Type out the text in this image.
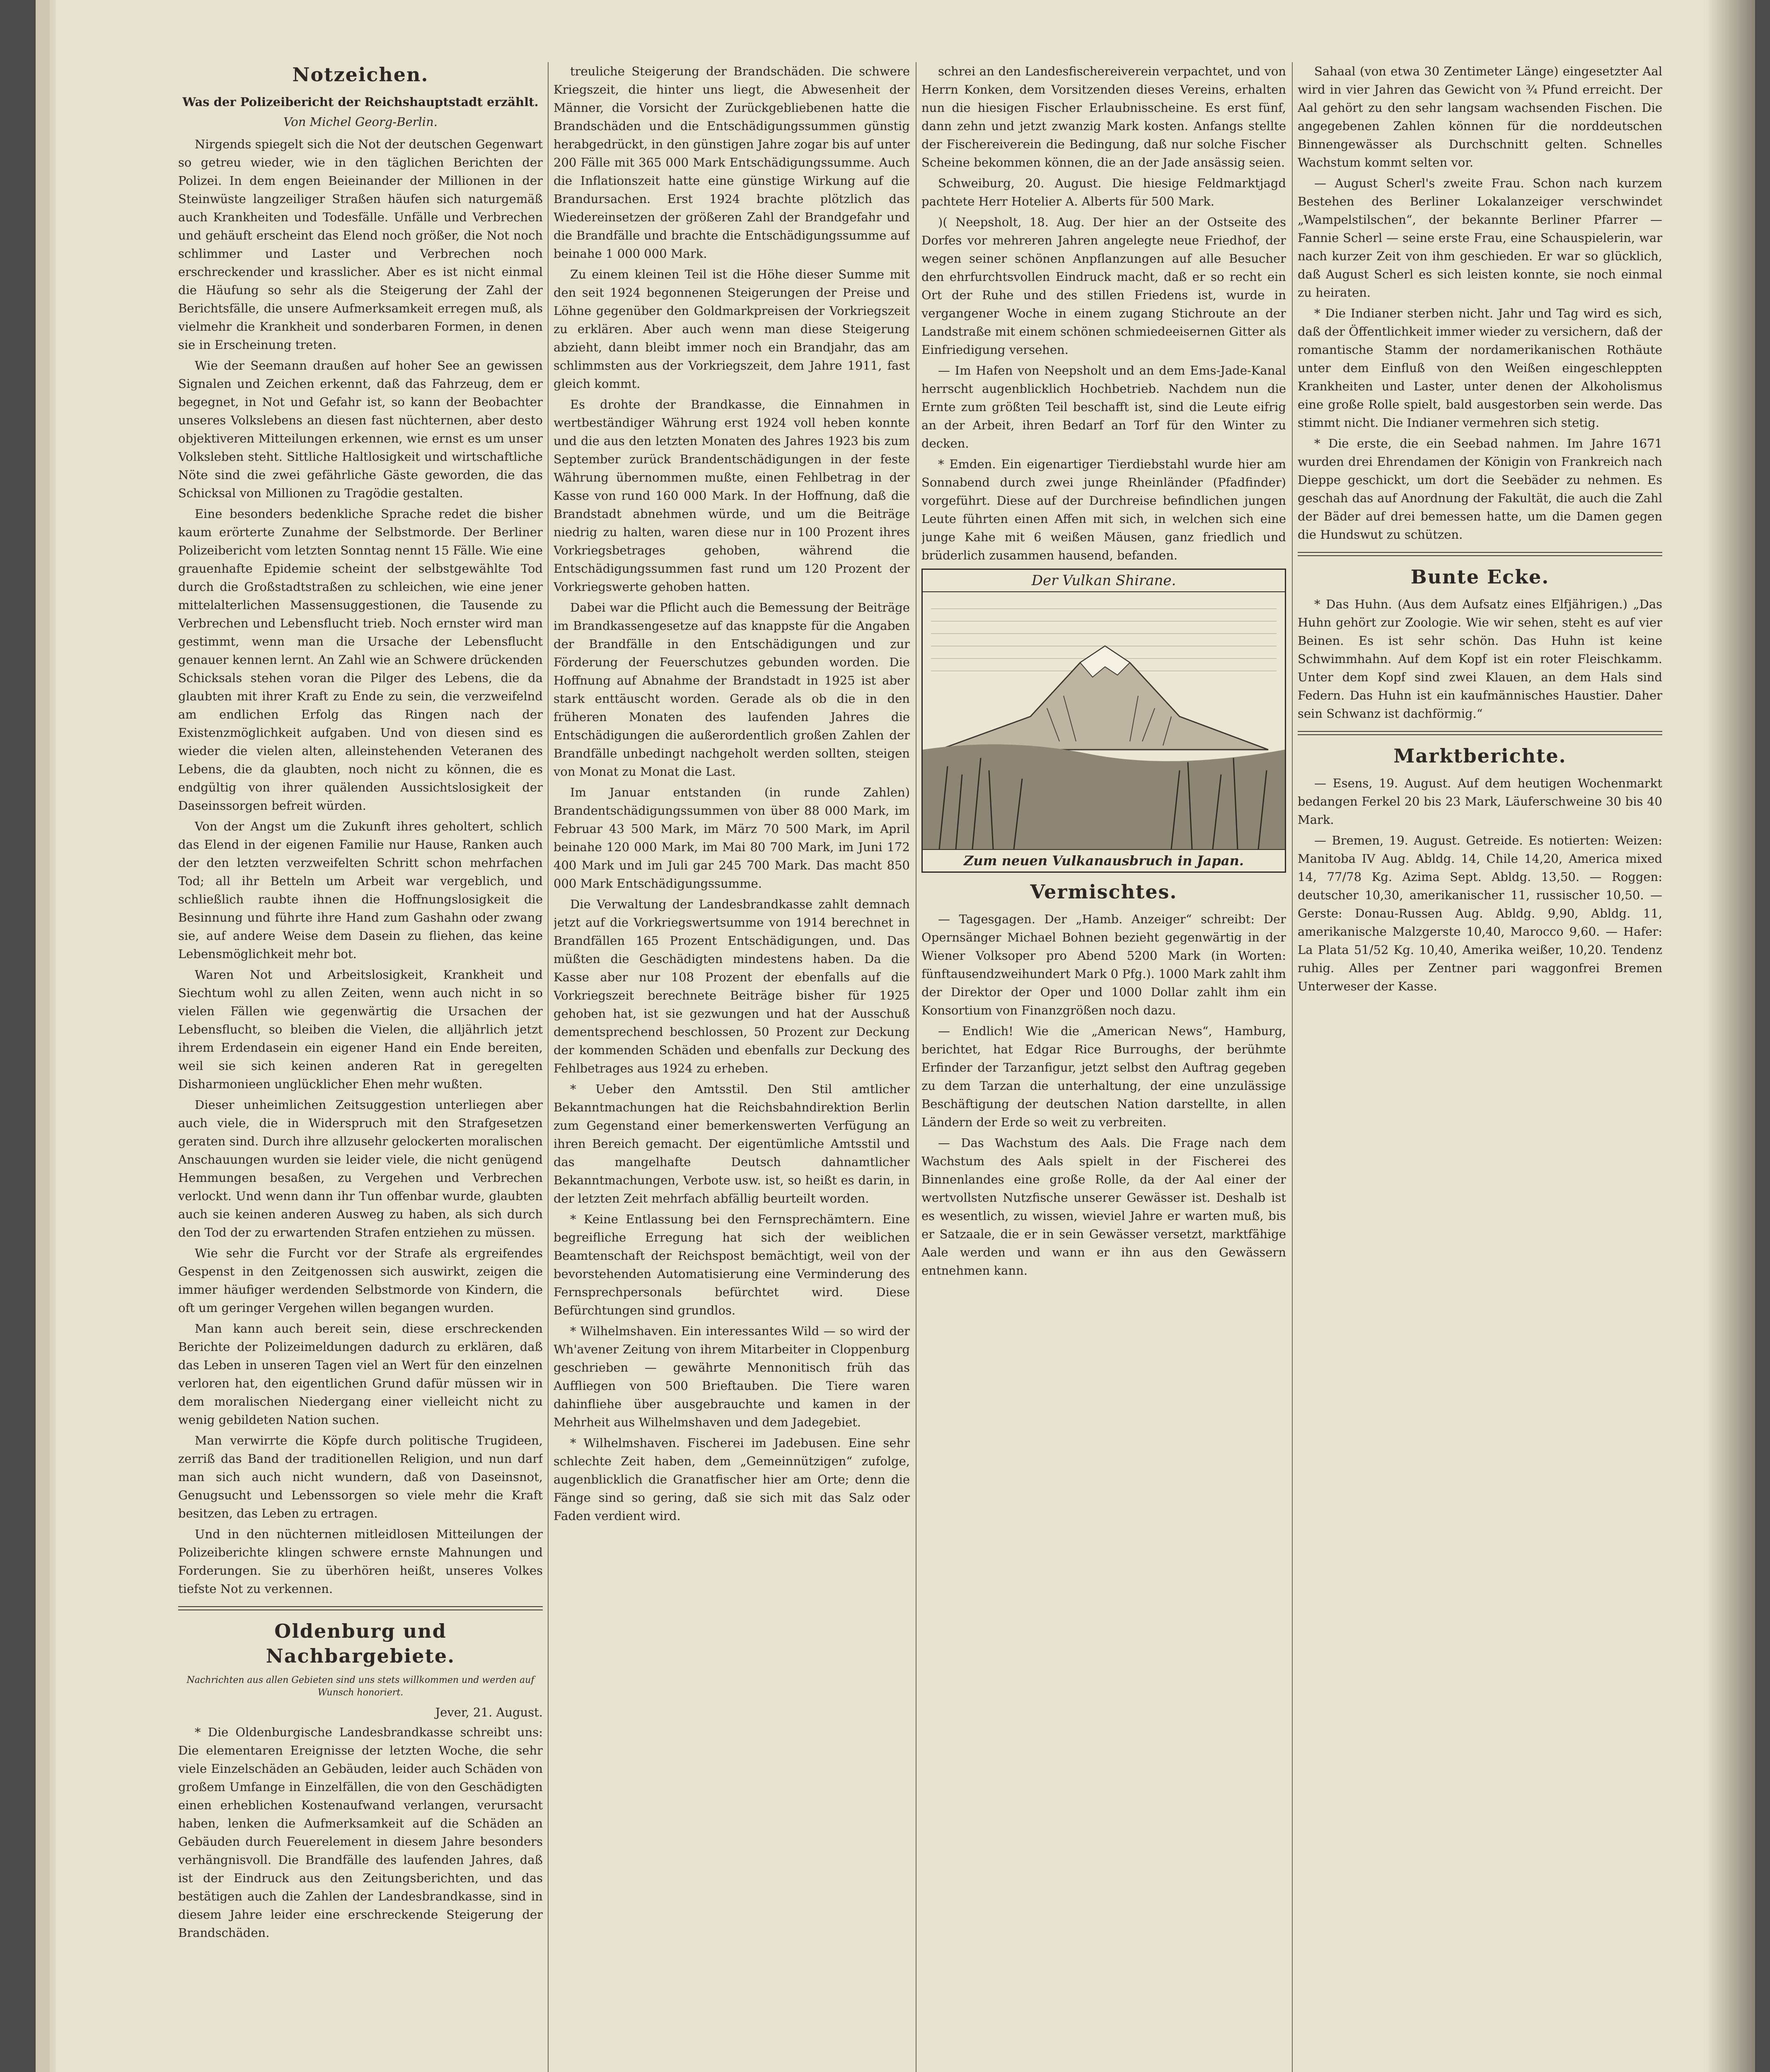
Notzeichen.
Was der Polizeibericht der Reichshauptstadt erzählt.
Von Michel Georg-Berlin.

Nirgends spiegelt sich die Not der deutschen Gegenwart so getreu wieder, wie in den täglichen Berichten der Polizei. In dem engen Beieinander der Millionen in der Steinwüste langzeiliger Straßen häufen sich naturgemäß auch Krankheiten und Todesfälle. Unfälle und Verbrechen und gehäuft erscheint das Elend noch größer, die Not noch schlimmer und Laster und Verbrechen noch erschreckender und krasslicher. Aber es ist nicht einmal die Häufung so sehr als die Steigerung der Zahl der Berichtsfälle, die unsere Aufmerksamkeit erregen muß, als vielmehr die Krankheit und sonderbaren Formen, in denen sie in Erscheinung treten.

Wie der Seemann draußen auf hoher See an gewissen Signalen und Zeichen erkennt, daß das Fahrzeug, dem er begegnet, in Not und Gefahr ist, so kann der Beobachter unseres Volkslebens an diesen fast nüchternen, aber desto objektiveren Mitteilungen erkennen, wie ernst es um unser Volksleben steht. Sittliche Haltlosigkeit und wirtschaftliche Nöte sind die zwei gefährliche Gäste geworden, die das Schicksal von Millionen zu Tragödie gestalten.

Eine besonders bedenkliche Sprache redet die bisher kaum erörterte Zunahme der Selbstmorde. Der Berliner Polizeibericht vom letzten Sonntag nennt 15 Fälle. Wie eine grauenhafte Epidemie scheint der selbstgewählte Tod durch die Großstadtstraßen zu schleichen, wie eine jener mittelalterlichen Massensuggestionen, die Tausende zu Verbrechen und Lebensflucht trieb. Noch ernster wird man gestimmt, wenn man die Ursache der Lebensflucht genauer kennen lernt. An Zahl wie an Schwere drückenden Schicksals stehen voran die Pilger des Lebens, die da glaubten mit ihrer Kraft zu Ende zu sein, die verzweifelnd am endlichen Erfolg das Ringen nach der Existenzmöglichkeit aufgaben. Und von diesen sind es wieder die vielen alten, alleinstehenden Veteranen des Lebens, die da glaubten, noch nicht zu können, die es endgültig von ihrer quälenden Aussichtslosigkeit der Daseinssorgen befreit würden.

Von der Angst um die Zukunft ihres geholtert, schlich das Elend in der eigenen Familie nur Hause, Ranken auch der den letzten verzweifelten Schritt schon mehrfachen Tod; all ihr Betteln um Arbeit war vergeblich, und schließlich raubte ihnen die Hoffnungslosigkeit die Besinnung und führte ihre Hand zum Gashahn oder zwang sie, auf andere Weise dem Dasein zu fliehen, das keine Lebensmöglichkeit mehr bot.

Waren Not und Arbeitslosigkeit, Krankheit und Siechtum wohl zu allen Zeiten, wenn auch nicht in so vielen Fällen wie gegenwärtig die Ursachen der Lebensflucht, so bleiben die Vielen, die alljährlich jetzt ihrem Erdendasein ein eigener Hand ein Ende bereiten, weil sie sich keinen anderen Rat in geregelten Disharmonieen unglücklicher Ehen mehr wußten.

Dieser unheimlichen Zeitsuggestion unterliegen aber auch viele, die in Widerspruch mit den Strafgesetzen geraten sind. Durch ihre allzusehr gelockerten moralischen Anschauungen wurden sie leider viele, die nicht genügend Hemmungen besaßen, zu Vergehen und Verbrechen verlockt. Und wenn dann ihr Tun offenbar wurde, glaubten auch sie keinen anderen Ausweg zu haben, als sich durch den Tod der zu erwartenden Strafen entziehen zu müssen.

Wie sehr die Furcht vor der Strafe als ergreifendes Gespenst in den Zeitgenossen sich auswirkt, zeigen die immer häufiger werdenden Selbstmorde von Kindern, die oft um geringer Vergehen willen begangen wurden.

Man kann auch bereit sein, diese erschreckenden Berichte der Polizeimeldungen dadurch zu erklären, daß das Leben in unseren Tagen viel an Wert für den einzelnen verloren hat, den eigentlichen Grund dafür müssen wir in dem moralischen Niedergang einer vielleicht nicht zu wenig gebildeten Nation suchen.

Man verwirrte die Köpfe durch politische Trugideen, zerriß das Band der traditionellen Religion, und nun darf man sich auch nicht wundern, daß von Daseinsnot, Genugsucht und Lebenssorgen so viele mehr die Kraft besitzen, das Leben zu ertragen.

Und in den nüchternen mitleidlosen Mitteilungen der Polizeiberichte klingen schwere ernste Mahnungen und Forderungen. Sie zu überhören heißt, unseres Volkes tiefste Not zu verkennen.

Oldenburg und Nachbargebiete.
Nachrichten aus allen Gebieten sind uns stets willkommen und werden auf Wunsch honoriert.
Jever, 21. August.

* Die Oldenburgische Landesbrandkasse schreibt uns: Die elementaren Ereignisse der letzten Woche, die sehr viele Einzelschäden an Gebäuden, leider auch Schäden von großem Umfange in Einzelfällen, die von den Geschädigten einen erheblichen Kostenaufwand verlangen, verursacht haben, lenken die Aufmerksamkeit auf die Schäden an Gebäuden durch Feuerelement in diesem Jahre besonders verhängnisvoll. Die Brandfälle des laufenden Jahres, daß ist der Eindruck aus den Zeitungsberichten, und das bestätigen auch die Zahlen der Landesbrandkasse, sind in diesem Jahre leider eine erschreckende Steigerung der Brandschäden.

treuliche Steigerung der Brandschäden. Die schwere Kriegszeit, die hinter uns liegt, die Abwesenheit der Männer, die Vorsicht der Zurückgebliebenen hatte die Brandschäden und die Entschädigungssummen günstig herabgedrückt, in den günstigen Jahre zogar bis auf unter 200 Fälle mit 365 000 Mark Entschädigungssumme. Auch die Inflationszeit hatte eine günstige Wirkung auf die Brandursachen. Erst 1924 brachte plötzlich das Wiedereinsetzen der größeren Zahl der Brandgefahr und die Brandfälle und brachte die Entschädigungssumme auf beinahe 1 000 000 Mark.

Zu einem kleinen Teil ist die Höhe dieser Summe mit den seit 1924 begonnenen Steigerungen der Preise und Löhne gegenüber den Goldmarkpreisen der Vorkriegszeit zu erklären. Aber auch wenn man diese Steigerung abzieht, dann bleibt immer noch ein Brandjahr, das am schlimmsten aus der Vorkriegszeit, dem Jahre 1911, fast gleich kommt.

Es drohte der Brandkasse, die Einnahmen in wertbeständiger Währung erst 1924 voll heben konnte und die aus den letzten Monaten des Jahres 1923 bis zum September zurück Brandentschädigungen in der feste Währung übernommen mußte, einen Fehlbetrag in der Kasse von rund 160 000 Mark. In der Hoffnung, daß die Brandstadt abnehmen würde, und um die Beiträge niedrig zu halten, waren diese nur in 100 Prozent ihres Vorkriegsbetrages gehoben, während die Entschädigungssummen fast rund um 120 Prozent der Vorkriegswerte gehoben hatten.

Dabei war die Pflicht auch die Bemessung der Beiträge im Brandkassengesetze auf das knappste für die Angaben der Brandfälle in den Entschädigungen und zur Förderung der Feuerschutzes gebunden worden. Die Hoffnung auf Abnahme der Brandstadt in 1925 ist aber stark enttäuscht worden. Gerade als ob die in den früheren Monaten des laufenden Jahres die Entschädigungen die außerordentlich großen Zahlen der Brandfälle unbedingt nachgeholt werden sollten, steigen von Monat zu Monat die Last.

Im Januar entstanden (in runde Zahlen) Brandentschädigungssummen von über 88 000 Mark, im Februar 43 500 Mark, im März 70 500 Mark, im April beinahe 120 000 Mark, im Mai 80 700 Mark, im Juni 172 400 Mark und im Juli gar 245 700 Mark. Das macht 850 000 Mark Entschädigungssumme.

Die Verwaltung der Landesbrandkasse zahlt demnach jetzt auf die Vorkriegswertsumme von 1914 berechnet in Brandfällen 165 Prozent Entschädigungen, und. Das müßten die Geschädigten mindestens haben. Da die Kasse aber nur 108 Prozent der ebenfalls auf die Vorkriegszeit berechnete Beiträge bisher für 1925 gehoben hat, ist sie gezwungen und hat der Ausschuß dementsprechend beschlossen, 50 Prozent zur Deckung der kommenden Schäden und ebenfalls zur Deckung des Fehlbetrages aus 1924 zu erheben.

* Ueber den Amtsstil. Den Stil amtlicher Bekanntmachungen hat die Reichsbahndirektion Berlin zum Gegenstand einer bemerkenswerten Verfügung an ihren Bereich gemacht. Der eigentümliche Amtsstil und das mangelhafte Deutsch dahnamtlicher Bekanntmachungen, Verbote usw. ist, so heißt es darin, in der letzten Zeit mehrfach abfällig beurteilt worden.

* Keine Entlassung bei den Fernsprechämtern. Eine begreifliche Erregung hat sich der weiblichen Beamtenschaft der Reichspost bemächtigt, weil von der bevorstehenden Automatisierung eine Verminderung des Fernsprechpersonals befürchtet wird. Diese Befürchtungen sind grundlos.

* Wilhelmshaven. Ein interessantes Wild — so wird der Wh'avener Zeitung von ihrem Mitarbeiter in Cloppenburg geschrieben — gewährte Mennonitisch früh das Auffliegen von 500 Brieftauben. Die Tiere waren dahinfliehe über ausgebrauchte und kamen in der Mehrheit aus Wilhelmshaven und dem Jadegebiet.

* Wilhelmshaven. Fischerei im Jadebusen. Eine sehr schlechte Zeit haben, dem „Gemeinnützigen“ zufolge, augenblicklich die Granatfischer hier am Orte; denn die Fänge sind so gering, daß sie sich mit das Salz oder Faden verdient wird.

schrei an den Landesfischereiverein verpachtet, und von Herrn Konken, dem Vorsitzenden dieses Vereins, erhalten nun die hiesigen Fischer Erlaubnisscheine. Es erst fünf, dann zehn und jetzt zwanzig Mark kosten. Anfangs stellte der Fischereiverein die Bedingung, daß nur solche Fischer Scheine bekommen können, die an der Jade ansässig seien.

Schweiburg, 20. August. Die hiesige Feldmarktjagd pachtete Herr Hotelier A. Alberts für 500 Mark.

)( Neepsholt, 18. Aug. Der hier an der Ostseite des Dorfes vor mehreren Jahren angelegte neue Friedhof, der wegen seiner schönen Anpflanzungen auf alle Besucher den ehrfurchtsvollen Eindruck macht, daß er so recht ein Ort der Ruhe und des stillen Friedens ist, wurde in vergangener Woche in einem zugang Stichroute an der Landstraße mit einem schönen schmiedeeisernen Gitter als Einfriedigung versehen.

— Im Hafen von Neepsholt und an dem Ems-Jade-Kanal herrscht augenblicklich Hochbetrieb. Nachdem nun die Ernte zum größten Teil beschafft ist, sind die Leute eifrig an der Arbeit, ihren Bedarf an Torf für den Winter zu decken.

* Emden. Ein eigenartiger Tierdiebstahl wurde hier am Sonnabend durch zwei junge Rheinländer (Pfadfinder) vorgeführt. Diese auf der Durchreise befindlichen jungen Leute führten einen Affen mit sich, in welchen sich eine junge Kahe mit 6 weißen Mäusen, ganz friedlich und brüderlich zusammen hausend, befanden.

Der Vulkan Shirane.
Zum neuen Vulkanausbruch in Japan.
Vermischtes.

— Tagesgagen. Der „Hamb. Anzeiger“ schreibt: Der Opernsänger Michael Bohnen bezieht gegenwärtig in der Wiener Volksoper pro Abend 5200 Mark (in Worten: fünftausendzweihundert Mark 0 Pfg.). 1000 Mark zahlt ihm der Direktor der Oper und 1000 Dollar zahlt ihm ein Konsortium von Finanzgrößen noch dazu.

— Endlich! Wie die „American News“, Hamburg, berichtet, hat Edgar Rice Burroughs, der berühmte Erfinder der Tarzanfigur, jetzt selbst den Auftrag gegeben zu dem Tarzan die unterhaltung, der eine unzulässige Beschäftigung der deutschen Nation darstellte, in allen Ländern der Erde so weit zu verbreiten.

— Das Wachstum des Aals. Die Frage nach dem Wachstum des Aals spielt in der Fischerei des Binnenlandes eine große Rolle, da der Aal einer der wertvollsten Nutzfische unserer Gewässer ist. Deshalb ist es wesentlich, zu wissen, wieviel Jahre er warten muß, bis er Satzaale, die er in sein Gewässer versetzt, marktfähige Aale werden und wann er ihn aus den Gewässern entnehmen kann.

Sahaal (von etwa 30 Zentimeter Länge) eingesetzter Aal wird in vier Jahren das Gewicht von ¾ Pfund erreicht. Der Aal gehört zu den sehr langsam wachsenden Fischen. Die angegebenen Zahlen können für die norddeutschen Binnengewässer als Durchschnitt gelten. Schnelles Wachstum kommt selten vor.

— August Scherl's zweite Frau. Schon nach kurzem Bestehen des Berliner Lokalanzeiger verschwindet „Wampelstilschen“, der bekannte Berliner Pfarrer — Fannie Scherl — seine erste Frau, eine Schauspielerin, war nach kurzer Zeit von ihm geschieden. Er war so glücklich, daß August Scherl es sich leisten konnte, sie noch einmal zu heiraten.

* Die Indianer sterben nicht. Jahr und Tag wird es sich, daß der Öffentlichkeit immer wieder zu versichern, daß der romantische Stamm der nordamerikanischen Rothäute unter dem Einfluß von den Weißen eingeschleppten Krankheiten und Laster, unter denen der Alkoholismus eine große Rolle spielt, bald ausgestorben sein werde. Das stimmt nicht. Die Indianer vermehren sich stetig.

* Die erste, die ein Seebad nahmen. Im Jahre 1671 wurden drei Ehrendamen der Königin von Frankreich nach Dieppe geschickt, um dort die Seebäder zu nehmen. Es geschah das auf Anordnung der Fakultät, die auch die Zahl der Bäder auf drei bemessen hatte, um die Damen gegen die Hundswut zu schützen.

Bunte Ecke.

* Das Huhn. (Aus dem Aufsatz eines Elfjährigen.) „Das Huhn gehört zur Zoologie. Wie wir sehen, steht es auf vier Beinen. Es ist sehr schön. Das Huhn ist keine Schwimmhahn. Auf dem Kopf ist ein roter Fleischkamm. Unter dem Kopf sind zwei Klauen, an dem Hals sind Federn. Das Huhn ist ein kaufmännisches Haustier. Daher sein Schwanz ist dachförmig.“

Marktberichte.

— Esens, 19. August. Auf dem heutigen Wochenmarkt bedangen Ferkel 20 bis 23 Mark, Läuferschweine 30 bis 40 Mark.

— Bremen, 19. August. Getreide. Es notierten: Weizen: Manitoba IV Aug. Abldg. 14, Chile 14,20, America mixed 14, 77/78 Kg. Azima Sept. Abldg. 13,50. — Roggen: deutscher 10,30, amerikanischer 11, russischer 10,50. — Gerste: Donau-Russen Aug. Abldg. 9,90, Abldg. 11, amerikanische Malzgerste 10,40, Marocco 9,60. — Hafer: La Plata 51/52 Kg. 10,40, Amerika weißer, 10,20. Tendenz ruhig. Alles per Zentner pari waggonfrei Bremen Unterweser der Kasse.
